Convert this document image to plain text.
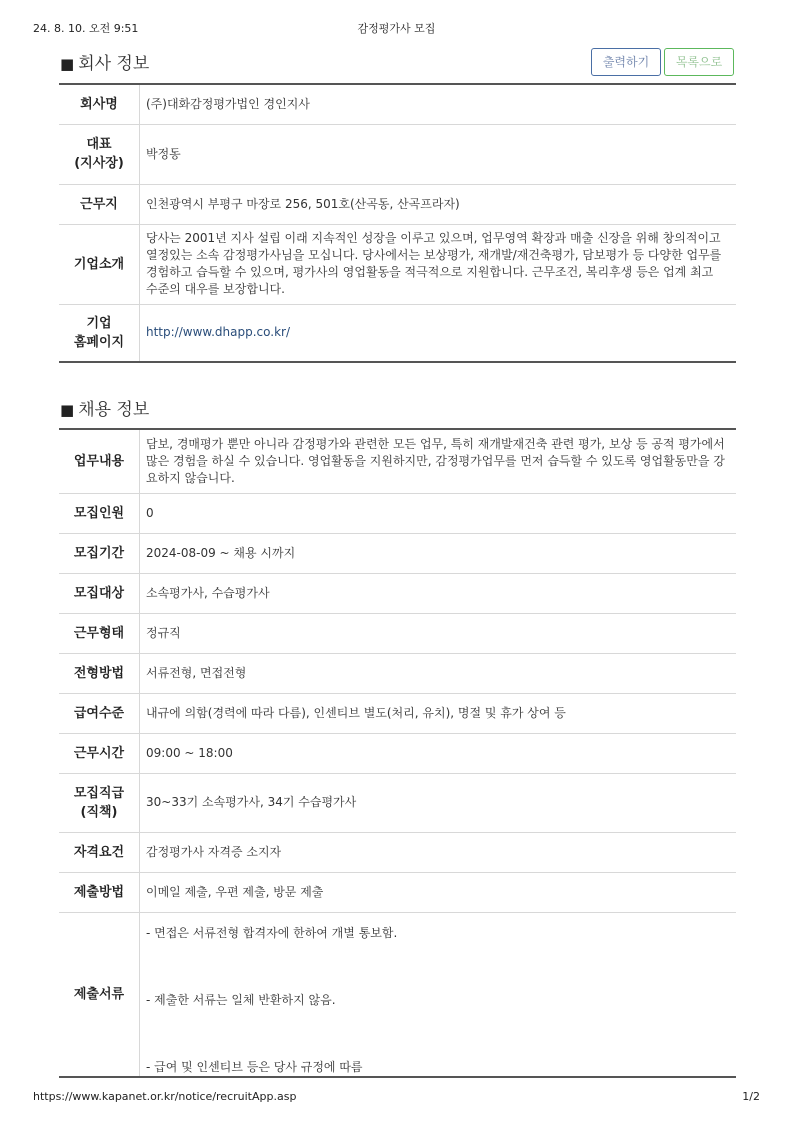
24. 8. 10. 오전 9:51	감정평가사 모집
■ 회사 정보	출력하기	목록으로
회사명	(주)대화감정평가법인 경인지사

대표
(지사장)	박정동
근무지	인천광역시 부평구 마장로 256, 501호(산곡동, 산곡프라자)
기업소개	당사는 2001년 지사 설립 이래 지속적인 성장을 이루고 있으며, 업무영역 확장과 매출 신장을 위해 창의적이고 열정있는 소속 감정평가사님을 모십니다. 당사에서는 보상평가, 재개발/재건축평가, 담보평가 등 다양한 업무를 경험하고 습득할 수 있으며, 평가사의 영업활동을 적극적으로 지원합니다. 근무조건, 복리후생 등은 업계 최고 수준의 대우를 보장합니다.

기업
홈페이지	http://www.dhapp.co.kr/
■ 채용 정보
업무내용	담보, 경매평가 뿐만 아니라 감정평가와 관련한 모든 업무, 특히 재개발재건축 관련 평가, 보상 등 공적 평가에서 많은 경험을 하실 수 있습니다. 영업활동을 지원하지만, 감정평가업무를 먼저 습득할 수 있도록 영업활동만을 강요하지 않습니다.
모집인원	0
모집기간	2024-08-09 ~ 채용 시까지
모집대상	소속평가사, 수습평가사
근무형태	정규직
전형방법	서류전형, 면접전형
급여수준	내규에 의함(경력에 따라 다름), 인센티브 별도(처리, 유치), 명절 및 휴가 상여 등
근무시간	09:00 ~ 18:00

모집직급
(직책)	30~33기 소속평가사, 34기 수습평가사
자격요건	감정평가사 자격증 소지자
제출방법	이메일 제출, 우편 제출, 방문 제출
제출서류	- 면접은 서류전형 합격자에 한하여 개별 통보함.
- 제출한 서류는 일체 반환하지 않음.
- 급여 및 인센티브 등은 당사 규정에 따름
https://www.kapanet.or.kr/notice/recruitApp.asp	1/2
